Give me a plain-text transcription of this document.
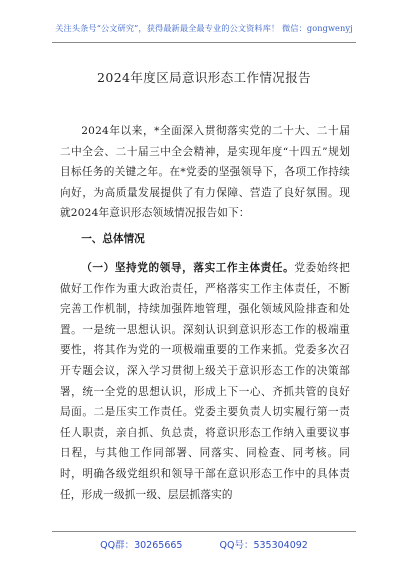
关注头条号“公文研究”，获得最新最全最专业的公文资料库！ 微信：gongwenyj
2024年度区局意识形态工作情况报告

2024年以来，*全面深入贯彻落实党的二十大、二十届二中全会、二十届三中全会精神，是实现年度“十四五”规划目标任务的关键之年。在*党委的坚强领导下，各项工作持续向好，为高质量发展提供了有力保障、营造了良好氛围。现就2024年意识形态领域情况报告如下：

一、总体情况

（一）坚持党的领导，落实工作主体责任。党委始终把做好工作作为重大政治责任，严格落实工作主体责任，不断完善工作机制，持续加强阵地管理，强化领域风险排查和处置。一是统一思想认识。深刻认识到意识形态工作的极端重要性，将其作为党的一项极端重要的工作来抓。党委多次召开专题会议，深入学习贯彻上级关于意识形态工作的决策部署，统一全党的思想认识，形成上下一心、齐抓共管的良好局面。二是压实工作责任。党委主要负责人切实履行第一责任人职责，亲自抓、负总责，将意识形态工作纳入重要议事日程，与其他工作同部署、同落实、同检查、同考核。同时，明确各级党组织和领导干部在意识形态工作中的具体责任，形成一级抓一级、层层抓落实的

QQ群：30265665	QQ号：535304092
